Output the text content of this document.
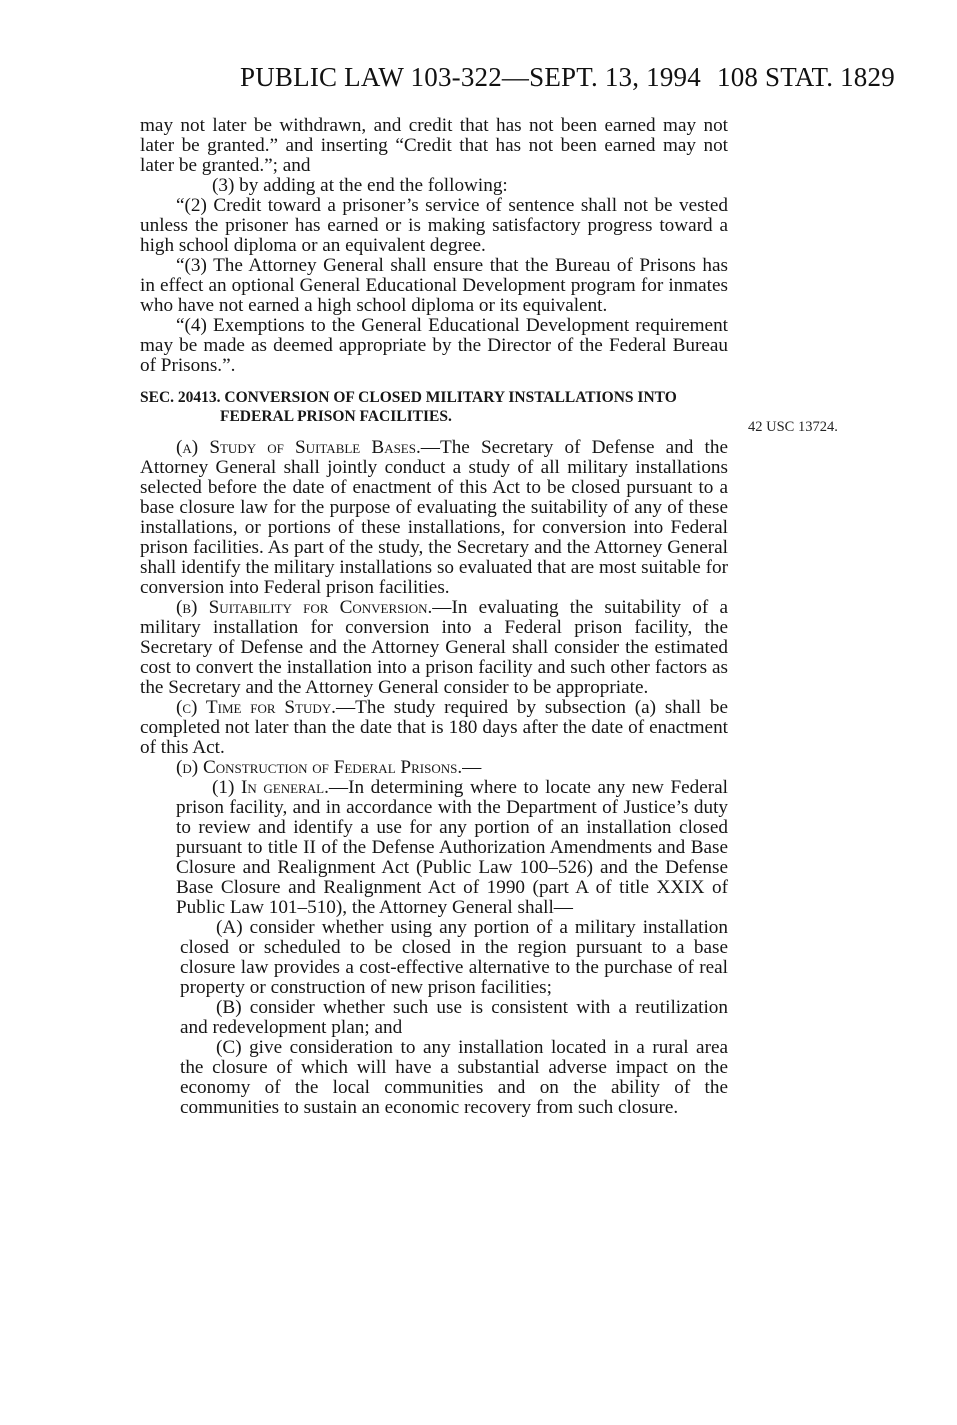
PUBLIC LAW 103-322—SEPT. 13, 1994 108 STAT. 1829
42 USC 13724.

may not later be withdrawn, and credit that has not been earned may not later be granted.” and inserting “Credit that has not been earned may not later be granted.”; and

(3) by adding at the end the following:

“(2) Credit toward a prisoner’s service of sentence shall not be vested unless the prisoner has earned or is making satisfactory progress toward a high school diploma or an equivalent degree.

“(3) The Attorney General shall ensure that the Bureau of Prisons has in effect an optional General Educational Development program for inmates who have not earned a high school diploma or its equivalent.

“(4) Exemptions to the General Educational Development requirement may be made as deemed appropriate by the Director of the Federal Bureau of Prisons.”.

SEC. 20413. CONVERSION OF CLOSED MILITARY INSTALLATIONS INTO
FEDERAL PRISON FACILITIES.

(a) Study of Suitable Bases.—The Secretary of Defense and the Attorney General shall jointly conduct a study of all military installations selected before the date of enactment of this Act to be closed pursuant to a base closure law for the purpose of evaluating the suitability of any of these installations, or portions of these installations, for conversion into Federal prison facilities. As part of the study, the Secretary and the Attorney General shall identify the military installations so evaluated that are most suitable for conversion into Federal prison facilities.

(b) Suitability for Conversion.—In evaluating the suitability of a military installation for conversion into a Federal prison facility, the Secretary of Defense and the Attorney General shall consider the estimated cost to convert the installation into a prison facility and such other factors as the Secretary and the Attorney General consider to be appropriate.

(c) Time for Study.—The study required by subsection (a) shall be completed not later than the date that is 180 days after the date of enactment of this Act.

(d) Construction of Federal Prisons.—

(1) In general.—In determining where to locate any new Federal prison facility, and in accordance with the Department of Justice’s duty to review and identify a use for any portion of an installation closed pursuant to title II of the Defense Authorization Amendments and Base Closure and Realignment Act (Public Law 100–526) and the Defense Base Closure and Realignment Act of 1990 (part A of title XXIX of Public Law 101–510), the Attorney General shall—

(A) consider whether using any portion of a military installation closed or scheduled to be closed in the region pursuant to a base closure law provides a cost-effective alternative to the purchase of real property or construction of new prison facilities;

(B) consider whether such use is consistent with a reutilization and redevelopment plan; and

(C) give consideration to any installation located in a rural area the closure of which will have a substantial adverse impact on the economy of the local communities and on the ability of the communities to sustain an economic recovery from such closure.
